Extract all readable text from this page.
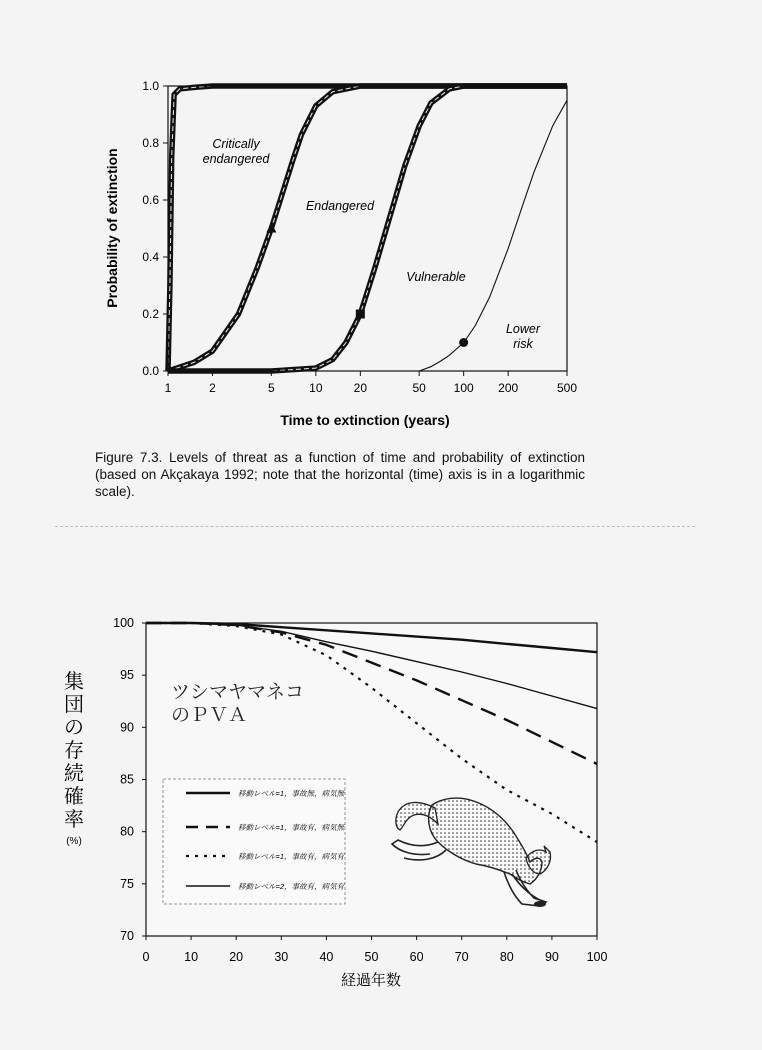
1	2	5	10	20	50 100 200	500
0.0
0.2
0.4
0.6
0.8
1.0
Time to extinction (years)
Probability of extinction
Critically
endangered
Endangered
Vulnerable
Lower
risk
0	10 20 30 40 50 60 70 80 90 100
70
75
80
85
90
95
100
ツシマヤマネコ
のＰＶＡ
経過年数
集
団
の
存
続
確
率
(%)
移動レベル=1，事故無，病気無
移動レベル=1，事故有，病気無
移動レベル=1，事故有，病気有
移動レベル=2，事故有，病気有

Figure 7.3. Levels of threat as a function of time and probability of extinction (based on Akçakaya 1992; note that the horizontal (time) axis is in a logarithmic scale).
